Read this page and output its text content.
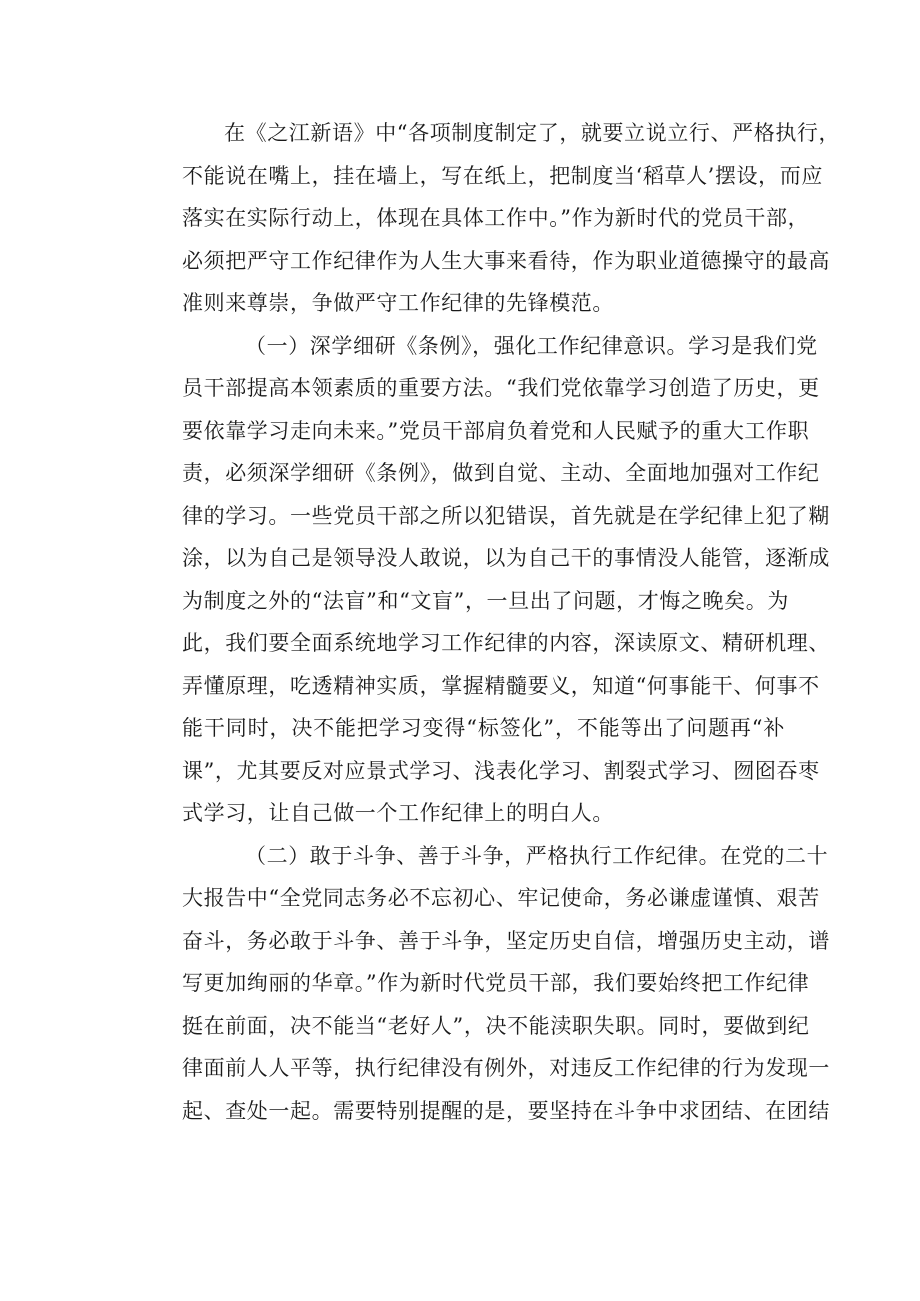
在《之江新语》中“各项制度制定了，就要立说立行、严格执行，
不能说在嘴上，挂在墙上，写在纸上，把制度当‘稻草人’摆设，而应
落实在实际行动上，体现在具体工作中。”作为新时代的党员干部，
必须把严守工作纪律作为人生大事来看待，作为职业道德操守的最高
准则来尊崇，争做严守工作纪律的先锋模范。
（一）深学细研《条例》，强化工作纪律意识。学习是我们党
员干部提高本领素质的重要方法。“我们党依靠学习创造了历史，更
要依靠学习走向未来。”党员干部肩负着党和人民赋予的重大工作职
责，必须深学细研《条例》，做到自觉、主动、全面地加强对工作纪
律的学习。一些党员干部之所以犯错误，首先就是在学纪律上犯了糊
涂，以为自己是领导没人敢说，以为自己干的事情没人能管，逐渐成
为制度之外的“法盲”和“文盲”，一旦出了问题，才悔之晚矣。为
此，我们要全面系统地学习工作纪律的内容，深读原文、精研机理、
弄懂原理，吃透精神实质，掌握精髓要义，知道“何事能干、何事不
能干同时，决不能把学习变得“标签化”，不能等出了问题再“补
课”，尤其要反对应景式学习、浅表化学习、割裂式学习、囫囵吞枣
式学习，让自己做一个工作纪律上的明白人。
（二）敢于斗争、善于斗争，严格执行工作纪律。在党的二十
大报告中“全党同志务必不忘初心、牢记使命，务必谦虚谨慎、艰苦
奋斗，务必敢于斗争、善于斗争，坚定历史自信，增强历史主动，谱
写更加绚丽的华章。”作为新时代党员干部，我们要始终把工作纪律
挺在前面，决不能当“老好人”，决不能渎职失职。同时，要做到纪
律面前人人平等，执行纪律没有例外，对违反工作纪律的行为发现一
起、查处一起。需要特别提醒的是，要坚持在斗争中求团结、在团结
